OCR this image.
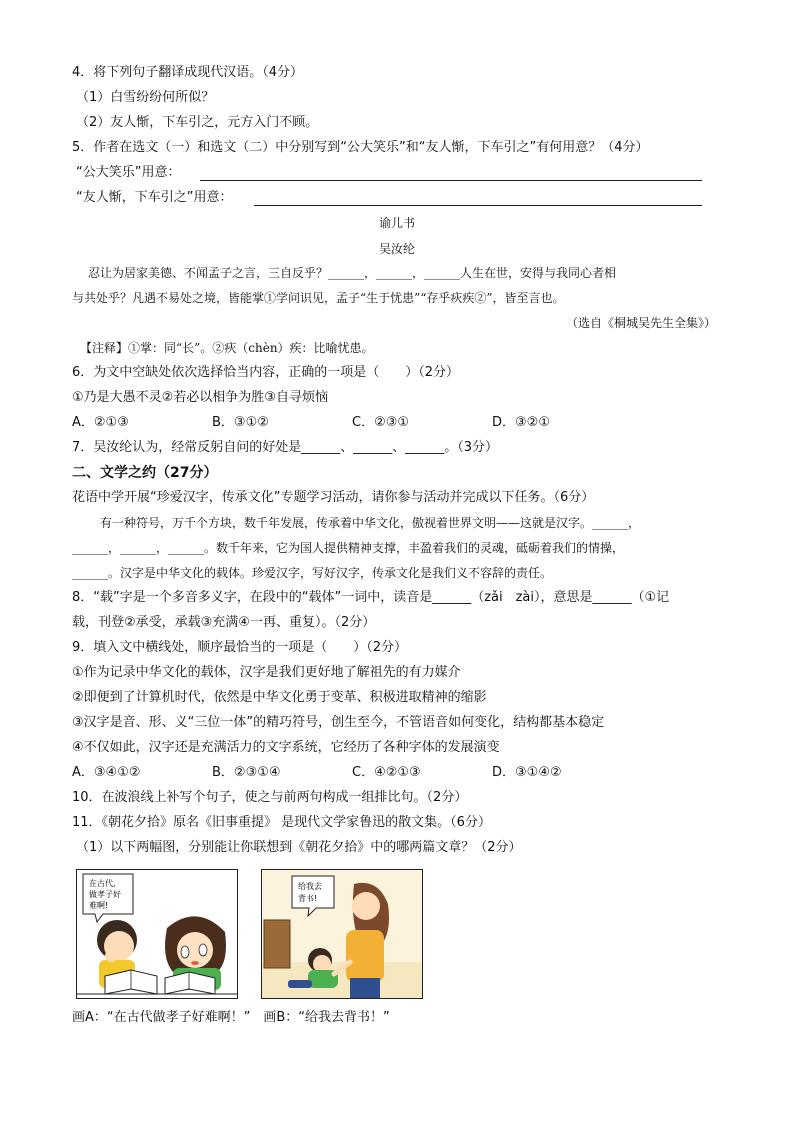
4．将下列句子翻译成现代汉语。（4分）
（1）白雪纷纷何所似？
（2）友人惭，下车引之，元方入门不顾。
5．作者在选文（一）和选文（二）中分别写到“公大笑乐”和“友人惭，下车引之”有何用意？（4分）
“公大笑乐”用意：
“友人惭，下车引之”用意：
谕儿书
吴汝纶
忍让为居家美德、不闻孟子之言，三自反乎？______，______，______人生在世，安得与我同心者相
与共处乎？凡遇不易处之境，皆能掌①学问识见，孟子“生于忧患”“存乎疢疾②”，皆至言也。
（选自《桐城吴先生全集》）
【注释】①掌：同“长”。②疢（chèn）疾：比喻忧患。
6．为文中空缺处依次选择恰当内容，正确的一项是（　　）（2分）
①乃是大愚不灵②若必以相争为胜③自寻烦恼
A．②①③	B．③①②	C．②③①	D．③②①
7．吴汝纶认为，经常反躬自问的好处是______、______、______。（3分）
二、文学之约（27分）
花语中学开展“珍爱汉字，传承文化”专题学习活动，请你参与活动并完成以下任务。（6分）
有一种符号，万千个方块，数千年发展，传承着中华文化，傲视着世界文明——这就是汉字。______，
______，______，______。数千年来，它为国人提供精神支撑，丰盈着我们的灵魂，砥砺着我们的情操，
______。汉字是中华文化的载体。珍爱汉字，写好汉字，传承文化是我们义不容辞的责任。
8．“载”字是一个多音多义字，在段中的“载体”一词中，读音是______（zǎi　zài），意思是______（①记
载，刊登②承受，承载③充满④一再、重复）。（2分）
9．填入文中横线处，顺序最恰当的一项是（　　）（2分）
①作为记录中华文化的载体，汉字是我们更好地了解祖先的有力媒介
②即便到了计算机时代，依然是中华文化勇于变革、积极进取精神的缩影
③汉字是音、形、义“三位一体”的精巧符号，创生至今，不管语音如何变化，结构都基本稳定
④不仅如此，汉字还是充满活力的文字系统，它经历了各种字体的发展演变
A．③④①②	B．②③①④	C．④②①③	D．③①④②
10．在波浪线上补写个句子，使之与前两句构成一组排比句。（2分）
11．《朝花夕拾》原名《旧事重提》 是现代文学家鲁迅的散文集。（6分）
（1）以下两幅图，分别能让你联想到《朝花夕拾》中的哪两篇文章？（2分）
在古代,
做孝子好
难啊!
给我去
背书!
画A：“在古代做孝子好难啊！”　画B：“给我去背书！”
